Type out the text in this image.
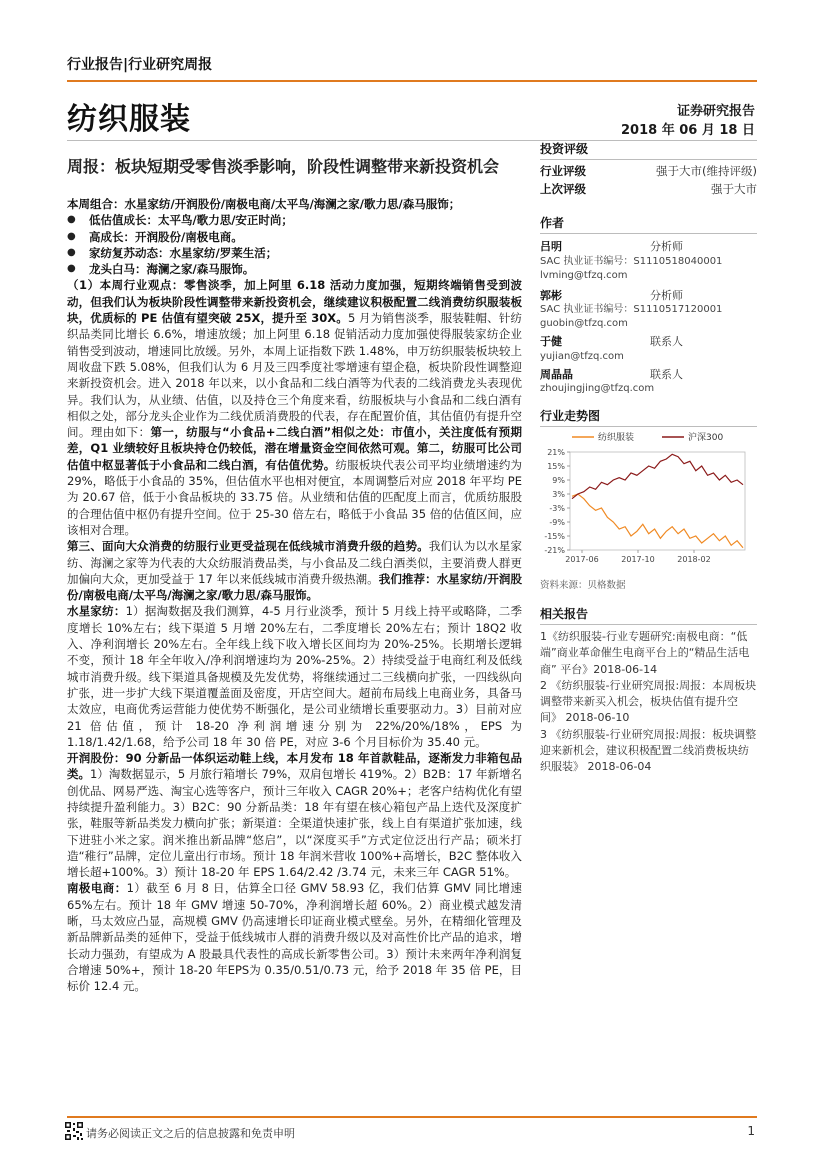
行业报告|行业研究周报
纺织服装	证券研究报告
2018 年 06 月 18 日
周报：板块短期受零售淡季影响，阶段性调整带来新投资机会

本周组合：水星家纺/开润股份/南极电商/太平鸟/海澜之家/歌力思/森马服饰；

●	低估值成长：太平鸟/歌力思/安正时尚；
●	高成长：开润股份/南极电商。
●	家纺复苏动态：水星家纺/罗莱生活；
●	龙头白马：海澜之家/森马服饰。

（1）本周行业观点：零售淡季，加上阿里 6.18 活动力度加强，短期终端销售受到波动，但我们认为板块阶段性调整带来新投资机会，继续建议积极配置二线消费纺织服装板块，优质标的 PE 估值有望突破 25X，提升至 30X。5 月为销售淡季，服装鞋帽、针纺织品类同比增长 6.6%，增速放缓；加上阿里 6.18 促销活动力度加强使得服装家纺企业销售受到波动，增速同比放缓。另外，本周上证指数下跌 1.48%，申万纺织服装板块较上周收盘下跌 5.08%，但我们认为 6 月及三四季度社零增速有望企稳，板块阶段性调整迎来新投资机会。进入 2018 年以来，以小食品和二线白酒等为代表的二线消费龙头表现优异。我们认为，从业绩、估值，以及持仓三个角度来看，纺服板块与小食品和二线白酒有相似之处，部分龙头企业作为二线优质消费股的代表，存在配置价值，其估值仍有提升空间。理由如下：第一，纺服与“小食品+二线白酒”相似之处：市值小，关注度低有预期差，Q1 业绩较好且板块持仓仍较低，潜在增量资金空间依然可观。第二，纺服可比公司估值中枢显著低于小食品和二线白酒，有估值优势。纺服板块代表公司平均业绩增速约为 29%，略低于小食品的 35%，但估值水平也相对便宜，本周调整后对应 2018 年平均 PE 为 20.67 倍，低于小食品板块的 33.75 倍。从业绩和估值的匹配度上而言，优质纺服股的合理估值中枢仍有提升空间。位于 25-30 倍左右，略低于小食品 35 倍的估值区间，应该相对合理。

第三、面向大众消费的纺服行业更受益现在低线城市消费升级的趋势。我们认为以水星家纺、海澜之家等为代表的大众纺服消费品类，与小食品及二线白酒类似，主要消费人群更加偏向大众，更加受益于 17 年以来低线城市消费升级热潮。我们推荐：水星家纺/开润股份/南极电商/太平鸟/海澜之家/歌力思/森马服饰。

水星家纺：1）据淘数据及我们测算，4-5 月行业淡季，预计 5 月线上持平或略降，二季度增长 10%左右；线下渠道 5 月增 20%左右，二季度增长 20%左右；预计 18Q2 收入、净利润增长 20%左右。全年线上线下收入增长区间均为 20%-25%。长期增长逻辑不变，预计 18 年全年收入/净利润增速均为 20%-25%。2）持续受益于电商红利及低线城市消费升级。线下渠道具备规模及先发优势，将继续通过二三线横向扩张，一四线纵向扩张，进一步扩大线下渠道覆盖面及密度，开店空间大。超前布局线上电商业务，具备马太效应，电商优秀运营能力使优势不断强化，是公司业绩增长重要驱动力。3）目前对应 21 倍估值，预计 18-20 净利润增速分别为 22%/20%/18%，EPS 为 1.18/1.42/1.68，给予公司 18 年 30 倍 PE，对应 3-6 个月目标价为 35.40 元。

开润股份：90 分新品一体织运动鞋上线，本月发布 18 年首款鞋品，逐渐发力非箱包品类。1）淘数据显示，5 月旅行箱增长 79%，双肩包增长 419%。2）B2B：17 年新增名创优品、网易严选、淘宝心选等客户，预计三年收入 CAGR 20%+；老客户结构优化有望持续提升盈利能力。3）B2C：90 分新品类：18 年有望在核心箱包产品上迭代及深度扩张，鞋服等新品类发力横向扩张；新渠道：全渠道快速扩张，线上自有渠道扩张加速，线下进驻小米之家。润米推出新品牌“悠启”，以“深度买手”方式定位泛出行产品；硕米打造“稚行”品牌，定位儿童出行市场。预计 18 年润米营收 100%+高增长，B2C 整体收入增长超+100%。3）预计 18-20 年 EPS 1.64/2.42 /3.74 元，未来三年 CAGR 51%。

南极电商：1）截至 6 月 8 日，估算全口径 GMV 58.93 亿，我们估算 GMV 同比增速 65%左右。预计 18 年 GMV 增速 50-70%，净利润增长超 60%。2）商业模式越发清晰，马太效应凸显，高规模 GMV 仍高速增长印证商业模式壁垒。另外，在精细化管理及新品牌新品类的延伸下，受益于低线城市人群的消费升级以及对高性价比产品的追求，增长动力强劲，有望成为 A 股最具代表性的高成长新零售公司。3）预计未来两年净利润复合增速 50%+，预计 18-20 年EPS为 0.35/0.51/0.73 元，给予 2018 年 35 倍 PE，目标价 12.4 元。

投资评级
行业评级	强于大市(维持评级)
上次评级	强于大市
作者
吕明	分析师
SAC 执业证书编号：S1110518040001
lvming@tfzq.com
郭彬	分析师
SAC 执业证书编号：S1110517120001
guobin@tfzq.com
于健	联系人
yujian@tfzq.com
周晶晶	联系人
zhoujingjing@tfzq.com
行业走势图
21%
15%
9%
3%
-3%
-9%
-15%
-21%
2017-06	2017-10	2018-02
纺织服装	沪深300
资料来源：贝格数据
相关报告

1《纺织服装-行业专题研究:南极电商：“低端”商业革命催生电商平台上的“精品生活电商” 平台》2018-06-14

2 《纺织服装-行业研究周报:周报：本周板块调整带来新买入机会，板块估值有提升空间》 2018-06-10

3 《纺织服装-行业研究周报:周报：板块调整迎来新机会，建议积极配置二线消费板块纺织服装》 2018-06-04

请务必阅读正文之后的信息披露和免责申明	1
